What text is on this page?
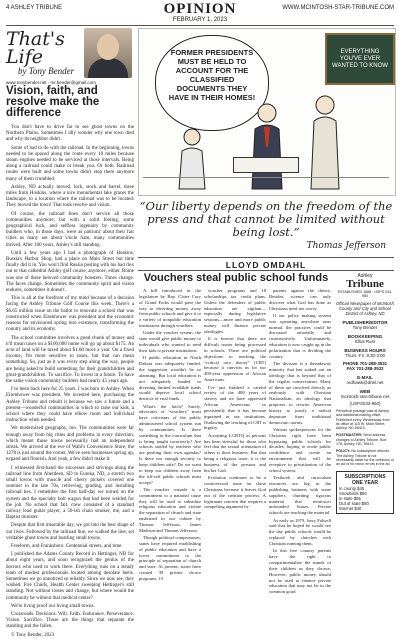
4 ASHLEY TRIBUNE	OPINION	WWW.MCINTOSH-STAR-TRIBUNE.COM
FEBRUARY 1, 2023
That's Life
by Tony Bender
www.tonybender.net · mr.bender@gmail.com
Vision, faith, and resolve make the difference

You don't have to drive far to see ghost towns on the Northern Plains. Sometimes I idly wonder why one town died and why its neighbor didn't.

Some of had to do with the railroad. In the beginning, towns needed to be spaced along the route every 10 miles because steam engines needed to be serviced at those intervals. Being along a railroad could make or break you. Or both. Railroad routes were built and some towns didn't stop there anymore many of them crumbled.

Ashley, ND actually moved, lock, stock and barrel, three miles from Hoskins, where a nice monumental lake graces the landscape, to a location where the railroad was to be located. They moved the town! That took resolve and vision.

Of course, the railroad lines don't service all those communities anymore, but with a solid footing, some geographical luck, and selfless ingenuity by community builders who, in those days, were as patriotic about their fair cities as many are about Uncle Sam, many communities thrived. After 100 years, Ashley's still standing.

Until a few years ago I had a photograph of Hoskins, Russia's Harbor Shop, had a place on Main Street but time finally did it in. You won't find Russia posting with his bad rlex out or that cathedral Ashley golf course, anymore, either. Rome was one of these beloved community boosters. Times change. The faces change. Sometimes the community spirit and vision endures, sometimes it doesn't.

This is all at the forefront of my mind because of a decision facing the Ashley Tribune Golf Course this week. There's a $6.65 million issue on the ballot to renovate a school that was constructed when Eisenhower was president and the economic reasons for envisioned spring into existence, transforming the country and its economy.

The school committee involves a good chunk of money and it'll mean taxes on a $100,000 home will go up about $175. An acre of land will be taxed about $1.60 more a year. On a fixed income, I'm more sensitive to taxes, but that can mean something. So, just as it was every step along the way, people are being asked to build something for their grandchildren and great-grandchildren. To sacrifice. To invest in a future. To have the same vision community builders had nearly 45 years ago.

I've been back here for 25 years. I was born in Ashley. When Eisenhower was president. We invested here, purchasing the Ashley Tribune and rebuilt it because we saw a future and a present—wonderful communities in which to raise our kids, a school where they could have elbow room and individual instruction when needed.

We modernized geography, too. The communities were far enough away from big cities and problems in every direction, which meant those towns necessarily had an independent streak. We arrived at the eve of Wahl's Convenience Store, the 1278 is just around the corner. We've seen businesses spring up, expand and flourish. And yeah, a few didn't make it.

I witnessed first-hand the successes and strivings along the railroad line from Aberdeen, SD to Eureka, ND, a stretch two small towns with muscle and cherry pickers covered one summer in the late 70s, retrieving, grading, and installing railroad ties. I remember the first half-day we turned on the system and the specialty bolt wagon that had been welded for the job. No school that fall, crew consisted of a standard railway lead guitar player, a 50-ish chain smoker, me, and a Baptist minister.

Despite that first miserable day, we got into the best shape of our lives. Followed by the railroad line, we walked the line, set veritable ghost towns and bustling small towns.

Freeform, and Franksboro. Centennial streets, and time.

I published the Adams County Record in Hettinger, ND for about eight years, and soon recognized the genius of the doctors who used to work there. Everything runs on a steady team of modest professionals located among desolate heels. Sometimes we go unnoticed so reliably. Since we now see, they wished. Fire Chiefs, Health Center sweeping Hettinger's still standing. Not without losses and change, but where would the community be without that medical center?

We're living proof our living small towns.

Crossroads. Decisions. Will. Faith. Endurance. Perseverance. Vision. Sacrifice. Those are the things that separate the standing and the fallen.

© Tony Bender, 2023

FORMER PRESIDENTS MUST BE HELD TO ACCOUNT FOR THE CLASSIFIED DOCUMENTS THEY HAVE IN THEIR HOMES!
EVERYTHING YOU'VE EVER WANTED TO KNOW
“Our liberty depends on the freedom of the press and that cannot be limited without being lost.”
Thomas Jefferson
LLOYD OMDAHL
Vouchers steal public school funds

A bill introduced in the legislature by Rep. Claire Cory of Grand Forks would pave the way to diverting money away from public schools and give it to a variety of nonpublic education institutions through vouchers.

Under the voucher system, the state would give public money to individuals who wanted to send their kids to private institutions.

If public education in North Dakota was adequately funded, the suggestion wouldn't be so alarming. But local education is not adequately funded so diverting limited available funds would deprive local school districts of vital funds.

What's the hitch? Surely, advocates of “vouchers” must have criticisms of the public administered school system run by communities. Is there something in the curriculum that is being taught incorrectly? Are schools staffed by teachers who are pushing their own agendas? Is there not enough security to keep children safe? Do we want to keep our children away from the riff-raff public schools must accept?

The voucher crusade is a commitment to a national cause they will be used to subsidize religious education and violate the separation of church and state enshrined in our culture by Thomas Jefferson, James Madison and Thomas Jefferson.

Though political compromises, states have required establishing of public education and have a lower commitment to the principle of separation of church and state. At present, states have created 39 private choice programs, 15

voucher programs and 18 scholarships tax credit plans. Unless the defenders of public education are vigilant—especially during legislative sessions—more and more public money will finance private ideologies.

It is known that there are difficult issues being processed in schools. There are political objections to teaching the “critical race theory” (CRT) because it convicts us for our 400-year oppression of African Americans.

I've just finished a careful review of the 400 years of slavery and we have oppressed African Americans so persistently that it has become ingrained in our institutions. Outlawing the teaching of CRT is bigotry.

Accepting LGBTQ as persons has been stressful for those who feel that the sexual orientation of others is their business. But that being a religious issue, it is the business of the persons and his/her God.

Evolution continues to be a controversial issue for those Christians because it leaves God out of the creation process. A legitimate concern that requires a compelling argument by

parents against the theory. Besides, science can only discover what God has done as Christians need not worry.

If our policy making system was operating anywhere near normal, the practices could be discussed rationally and constructively. Unfortunately, education is now caught up in the polarization that is dividing the country.

The division is a threadaway minority that has staked out an ideology that is beyond that of the regular conservatism. Many of them are involved directly as zealously with Christian Nationalism, an ideology that proposes to rewrite American history to justify a radical departure from traditional democratic norms.

Various spokespersons for the Christian right have been bypassing public schools for decades, hoping to erode public confidence and create an environment that will be receptive to privatization of the school system.

Textbook and curriculum resources are big in the publishing business with some suppliers churning rigorous material that reinforces unfounded biases. Private schools are teaching the material.

As early as 1979, Jerry Falwell said that he hoped he would see the day public schools would be replaced by churches with Christian running them.

In this free country parents have the right to compartmentalize the minds of their children as they choose. However, public money should not be used to finance private education that may not be in the common good.

Ashley
Tribune
ESTABLISHED 1888 · USPS 033-960
Official Newspaper of McIntosh County and City and School District of Ashley, ND
PUBLISHER/EDITOR
Tony Bender
BOOKKEEPING
Elliot Rust
BUSINESS HOURS
Thurs.-Fri. 8:30-3:00
PHONE 701-288-3531
FAX 701-288-3532
E-MAIL
redhawk@drtel.net
WEB
mcintosh-star-tribune.net
(USPS033-960)
Periodical postage paid at Ashley and additional mailing office. Published every Wednesday from its office at 115 W. Main Street, Ashley, ND 58413
POSTMASTER: Send address changes to Ashley Tribune, Box 178, Ashley, ND, 58413
POLICY: No subscription refunds. The Ashley Tribune is not necessarily liable for the omission of an ad or for minor errors in the ad.
SUBSCRIPTIONS ONE YEAR
In county $45
Snowbirds $50
In state $55
Out of state $60
Internet $40
